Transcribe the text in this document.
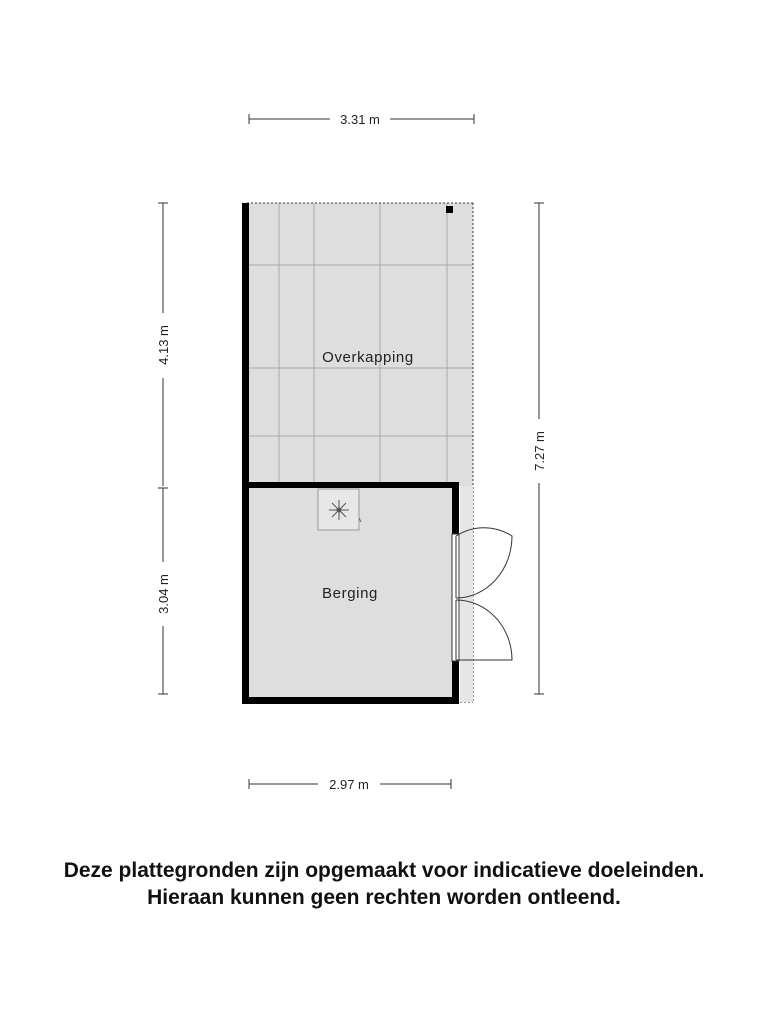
Overkapping
Berging
3.31 m
2.97 m
4.13 m
3.04 m
7.27 m
Deze plattegronden zijn opgemaakt voor indicatieve doeleinden.
Hieraan kunnen geen rechten worden ontleend.
